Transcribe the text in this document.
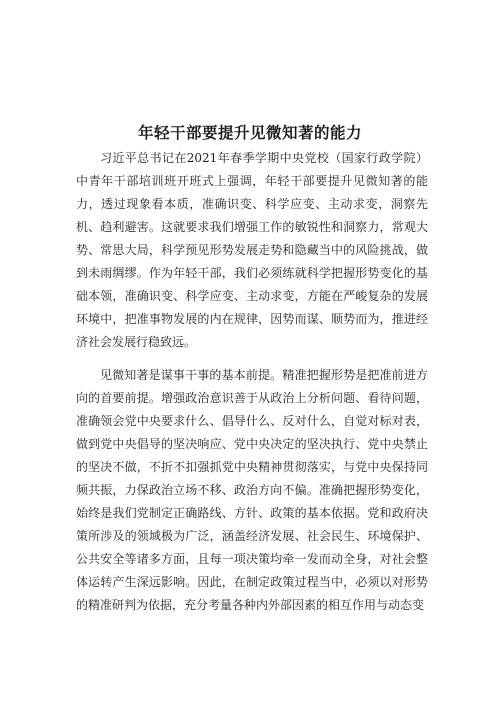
年轻干部要提升见微知著的能力

习近平总书记在2021年春季学期中央党校（国家行政学院）中青年干部培训班开班式上强调，年轻干部要提升见微知著的能力，透过现象看本质，准确识变、科学应变、主动求变，洞察先机、趋利避害。这就要求我们增强工作的敏锐性和洞察力，常观大势、常思大局，科学预见形势发展走势和隐藏当中的风险挑战，做到未雨绸缪。作为年轻干部，我们必须练就科学把握形势变化的基础本领，准确识变、科学应变、主动求变，方能在严峻复杂的发展环境中，把准事物发展的内在规律，因势而谋、顺势而为，推进经济社会发展行稳致远。

见微知著是谋事干事的基本前提。精准把握形势是把准前进方向的首要前提。增强政治意识善于从政治上分析问题、看待问题，准确领会党中央要求什么、倡导什么、反对什么，自觉对标对表，做到党中央倡导的坚决响应、党中央决定的坚决执行、党中央禁止的坚决不做，不折不扣强抓党中央精神贯彻落实，与党中央保持同频共振，力保政治立场不移、政治方向不偏。准确把握形势变化，始终是我们党制定正确路线、方针、政策的基本依据。党和政府决策所涉及的领域极为广泛，涵盖经济发展、社会民生、环境保护、公共安全等诸多方面，且每一项决策均牵一发而动全身，对社会整体运转产生深远影响。因此，在制定政策过程当中，必须以对形势的精准研判为依据，充分考量各种内外部因素的相互作用与动态变
